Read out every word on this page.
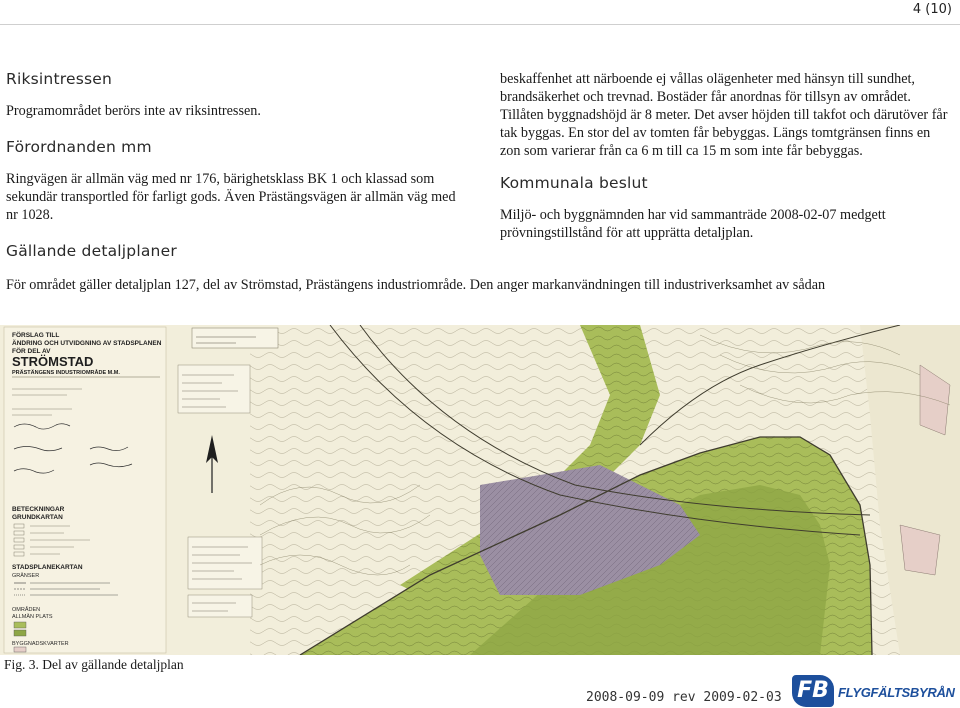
4 (10)
Riksintressen

Programområdet berörs inte av riksintressen.

Förordnanden mm

Ringvägen är allmän väg med nr 176, bärighetsklass BK 1 och klassad som sekundär transportled för farligt gods. Även Prästängsvägen är allmän väg med nr 1028.

Gällande detaljplaner

beskaffenhet att närboende ej vållas olägenheter med hänsyn till sundhet, brandsäkerhet och trevnad. Bostäder får anordnas för tillsyn av området. Tillåten byggnadshöjd är 8 meter. Det avser höjden till takfot och därutöver får tak byggas. En stor del av tomten får bebyggas. Längs tomtgränsen finns en zon som varierar från ca 6 m till ca 15 m som inte får bebyggas.

Kommunala beslut

Miljö- och byggnämnden har vid sammanträde 2008-02-07 medgett prövningstillstånd för att upprätta detaljplan.

För området gäller detaljplan 127, del av Strömstad, Prästängens industriområde. Den anger markanvändningen till industriverksamhet av sådan
FÖRSLAG TILL
ÄNDRING OCH UTVIDGNING AV STADSPLANEN
FÖR DEL AV
STRÖMSTAD
PRÄSTÄNGENS INDUSTRIOMRÅDE M.M.
BETECKNINGAR
GRUNDKARTAN
STADSPLANEKARTAN
GRÄNSER
OMRÅDEN
ALLMÄN PLATS
BYGGNADSKVARTER
Fig. 3. Del av gällande detaljplan
2008-09-09 rev 2009-02-03 FB FLYGFÄLTSBYRÅN
